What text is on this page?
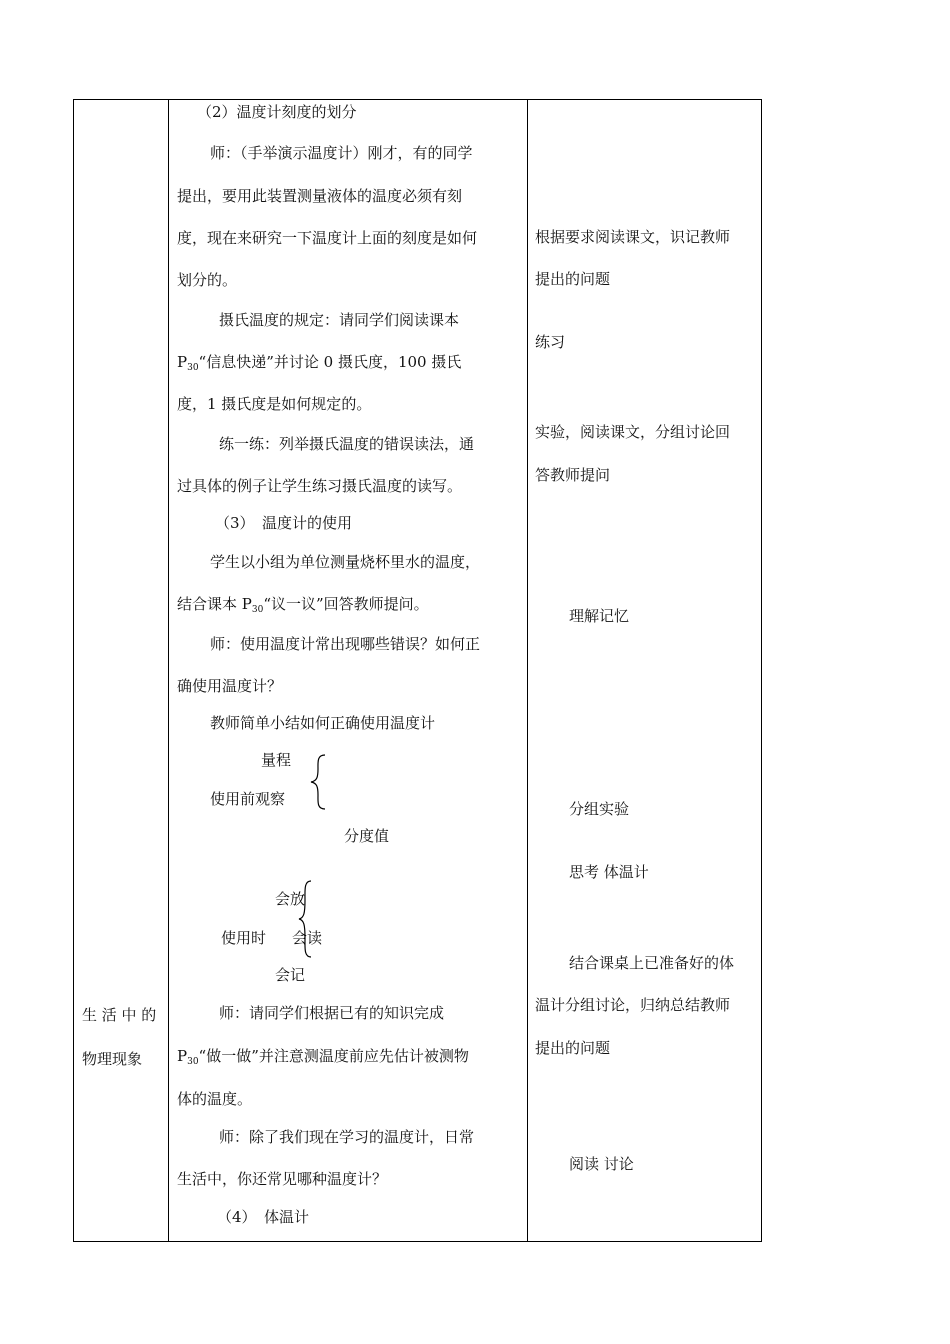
生 活 中 的
物理现象
（2）温度计刻度的划分
师：（手举演示温度计）刚才，有的同学
提出，要用此装置测量液体的温度必须有刻
度，现在来研究一下温度计上面的刻度是如何
划分的。
摄氏温度的规定：请同学们阅读课本
$P_{30}“$信息快递”并讨论 0 摄氏度，100 摄氏
度，1 摄氏度是如何规定的。
练一练：列举摄氏温度的错误读法，通
过具体的例子让学生练习摄氏温度的读写。
（3）　温度计的使用
学生以小组为单位测量烧杯里水的温度，
结合课本 $P_{30}“$议一议”回答教师提问。
师：使用温度计常出现哪些错误？如何正
确使用温度计？
教师简单小结如何正确使用温度计
量程
使用前观察
分度值
会放
使用时 会读
会记
师：请同学们根据已有的知识完成
$P_{30}“$做一做”并注意测温度前应先估计被测物
体的温度。
师：除了我们现在学习的温度计，日常
生活中，你还常见哪种温度计？
（4）　体温计
根据要求阅读课文，识记教师
提出的问题
练习
实验，阅读课文，分组讨论回
答教师提问
理解记忆
分组实验
思考 体温计
结合课桌上已准备好的体
温计分组讨论，归纳总结教师
提出的问题
阅读 讨论
